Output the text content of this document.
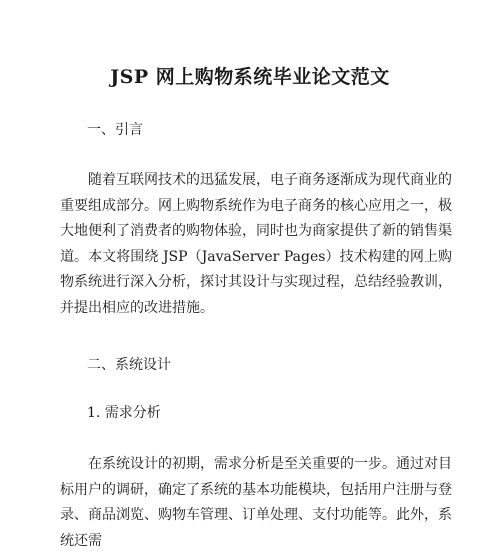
JSP 网上购物系统毕业论文范文
一、引言

随着互联网技术的迅猛发展，电子商务逐渐成为现代商业的重要组成部分。网上购物系统作为电子商务的核心应用之一，极大地便利了消费者的购物体验，同时也为商家提供了新的销售渠道。本文将围绕 JSP（JavaServer Pages）技术构建的网上购物系统进行深入分析，探讨其设计与实现过程，总结经验教训，并提出相应的改进措施。

二、系统设计
1. 需求分析

在系统设计的初期，需求分析是至关重要的一步。通过对目标用户的调研，确定了系统的基本功能模块，包括用户注册与登录、商品浏览、购物车管理、订单处理、支付功能等。此外，系统还需
